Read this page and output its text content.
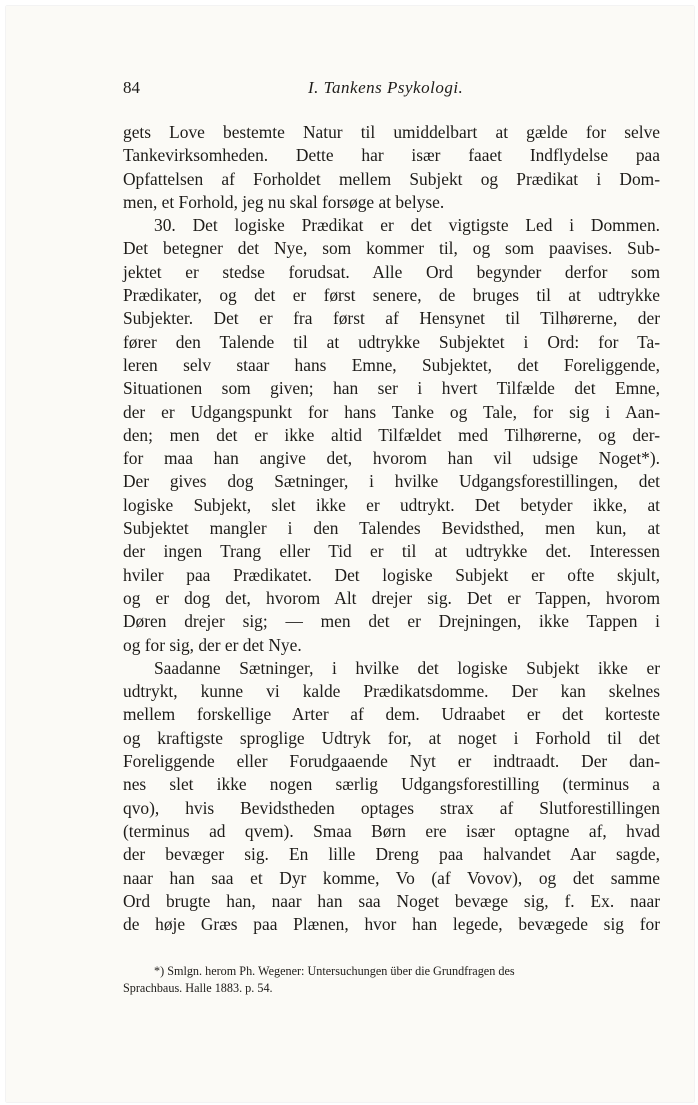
84	I. Tankens Psykologi.
gets Love bestemte Natur til umiddelbart at gælde for selve
Tankevirksomheden. Dette har især faaet Indflydelse paa
Opfattelsen af Forholdet mellem Subjekt og Prædikat i Dom-
men, et Forhold, jeg nu skal forsøge at belyse.
30. Det logiske Prædikat er det vigtigste Led i Dommen.
Det betegner det Nye, som kommer til, og som paavises. Sub-
jektet er stedse forudsat. Alle Ord begynder derfor som
Prædikater, og det er først senere, de bruges til at udtrykke
Subjekter. Det er fra først af Hensynet til Tilhørerne, der
fører den Talende til at udtrykke Subjektet i Ord: for Ta-
leren selv staar hans Emne, Subjektet, det Foreliggende,
Situationen som given; han ser i hvert Tilfælde det Emne,
der er Udgangspunkt for hans Tanke og Tale, for sig i Aan-
den; men det er ikke altid Tilfældet med Tilhørerne, og der-
for maa han angive det, hvorom han vil udsige Noget*).
Der gives dog Sætninger, i hvilke Udgangsforestillingen, det
logiske Subjekt, slet ikke er udtrykt. Det betyder ikke, at
Subjektet mangler i den Talendes Bevidsthed, men kun, at
der ingen Trang eller Tid er til at udtrykke det. Interessen
hviler paa Prædikatet. Det logiske Subjekt er ofte skjult,
og er dog det, hvorom Alt drejer sig. Det er Tappen, hvorom
Døren drejer sig; — men det er Drejningen, ikke Tappen i
og for sig, der er det Nye.
Saadanne Sætninger, i hvilke det logiske Subjekt ikke er
udtrykt, kunne vi kalde Prædikatsdomme. Der kan skelnes
mellem forskellige Arter af dem. Udraabet er det korteste
og kraftigste sproglige Udtryk for, at noget i Forhold til det
Foreliggende eller Forudgaaende Nyt er indtraadt. Der dan-
nes slet ikke nogen særlig Udgangsforestilling (terminus a
qvo), hvis Bevidstheden optages strax af Slutforestillingen
(terminus ad qvem). Smaa Børn ere især optagne af, hvad
der bevæger sig. En lille Dreng paa halvandet Aar sagde,
naar han saa et Dyr komme, Vo (af Vovov), og det samme
Ord brugte han, naar han saa Noget bevæge sig, f. Ex. naar
de høje Græs paa Plænen, hvor han legede, bevægede sig for
*) Smlgn. herom Ph. Wegener: Untersuchungen über die Grundfragen des
Sprachbaus. Halle 1883. p. 54.
